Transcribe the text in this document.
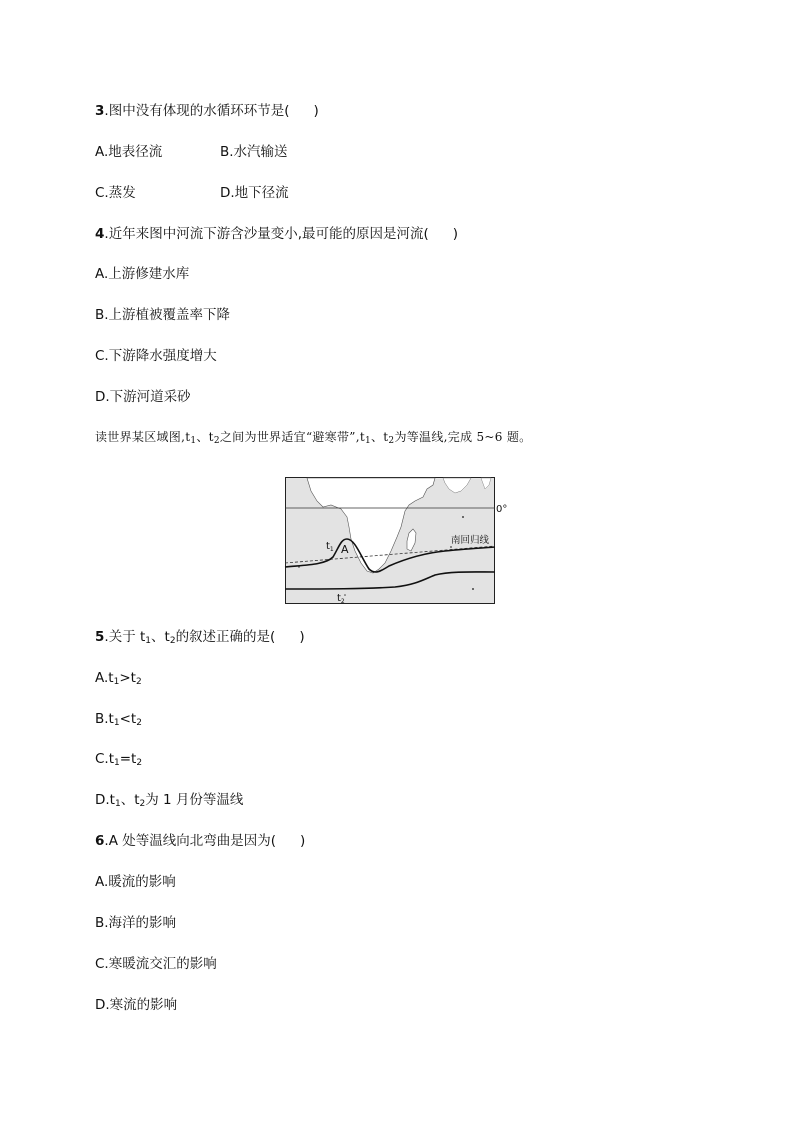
3.图中没有体现的水循环环节是( )
A.地表径流	B.水汽输送
C.蒸发	D.地下径流
4.近年来图中河流下游含沙量变小,最可能的原因是河流( )
A.上游修建水库
B.上游植被覆盖率下降
C.下游降水强度增大
D.下游河道采砂
读世界某区域图$,t_1$、$t_2$之间为世界适宜“避寒带$”,t_1$、$t_2$为等温线,完成 5~6 题。
0°
南回归线
$t_1$ A
$t_2$
5.关于 $t_1$、$t_2$的叙述正确的是( )
$A.t_1>t_2$
$B.t_1<t_2$
$C.t_1=t_2$
$D.t_1$、$t_2$为 1 月份等温线
6.A 处等温线向北弯曲是因为( )
A.暖流的影响
B.海洋的影响
C.寒暖流交汇的影响
D.寒流的影响
